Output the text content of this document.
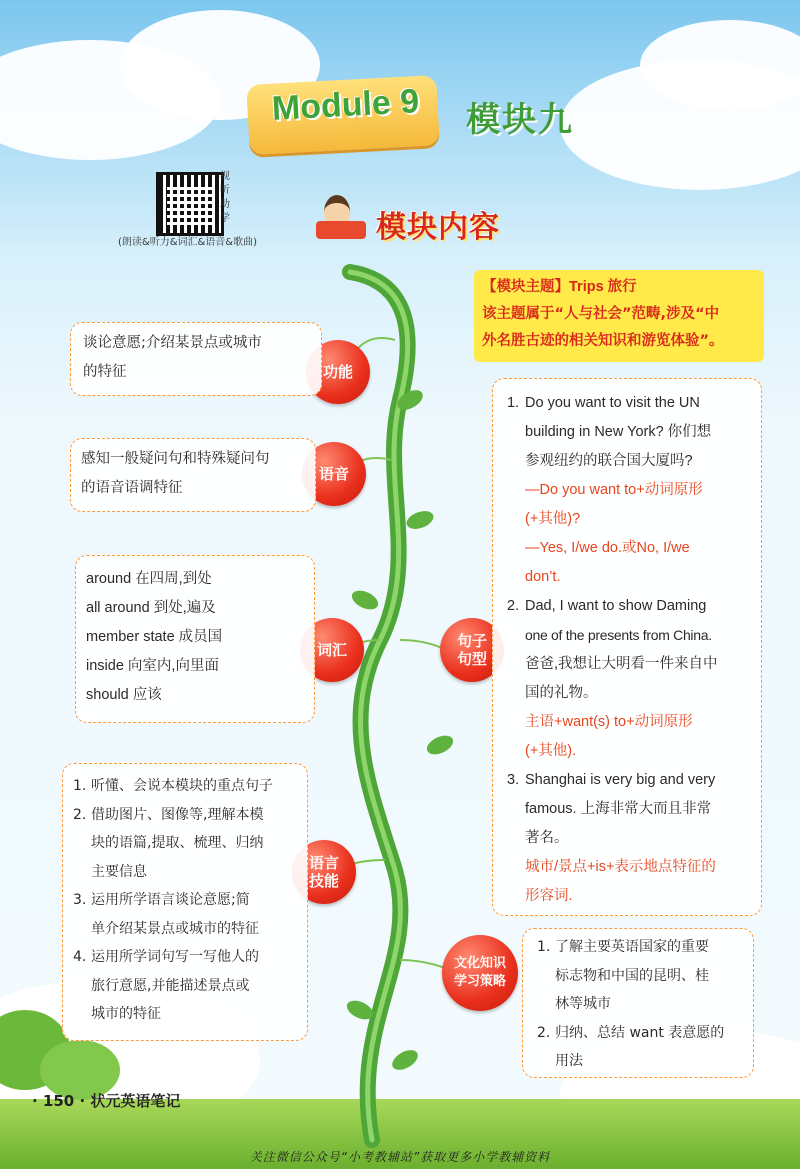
Module 9	模块九
视听助学
(朗读&听力&词汇&语音&歌曲)	模块内容
功能
语音
词汇	句子
句型
语言
技能
文化知识
学习策略
【模块主题】Trips 旅行
该主题属于“人与社会”范畴,涉及“中
外名胜古迹的相关知识和游览体验”。
谈论意愿;介绍某景点或城市
的特征
感知一般疑问句和特殊疑问句
的语音语调特征
around 在四周,到处
all around 到处,遍及
member state 成员国
inside 向室内,向里面
should 应该
1. Do you want to visit the UN
building in New York? 你们想
参观纽约的联合国大厦吗?
—Do you want to+动词原形
(+其他)?
—Yes, I/we do.或No, I/we
don’t.
2. Dad, I want to show Daming
one of the presents from China.
爸爸,我想让大明看一件来自中
国的礼物。
主语+want(s) to+动词原形
(+其他).
3. Shanghai is very big and very
famous. 上海非常大而且非常
著名。
城市/景点+is+表示地点特征的
形容词.
1. 听懂、会说本模块的重点句子
2. 借助图片、图像等,理解本模
块的语篇,提取、梳理、归纳
主要信息
3. 运用所学语言谈论意愿;简
单介绍某景点或城市的特征
4. 运用所学词句写一写他人的
旅行意愿,并能描述景点或
城市的特征
1. 了解主要英语国家的重要
标志物和中国的昆明、桂
林等城市
2. 归纳、总结 want 表意愿的
用法
· 150 · 状元英语笔记
关注微信公众号“小考教辅站”获取更多小学教辅资料
